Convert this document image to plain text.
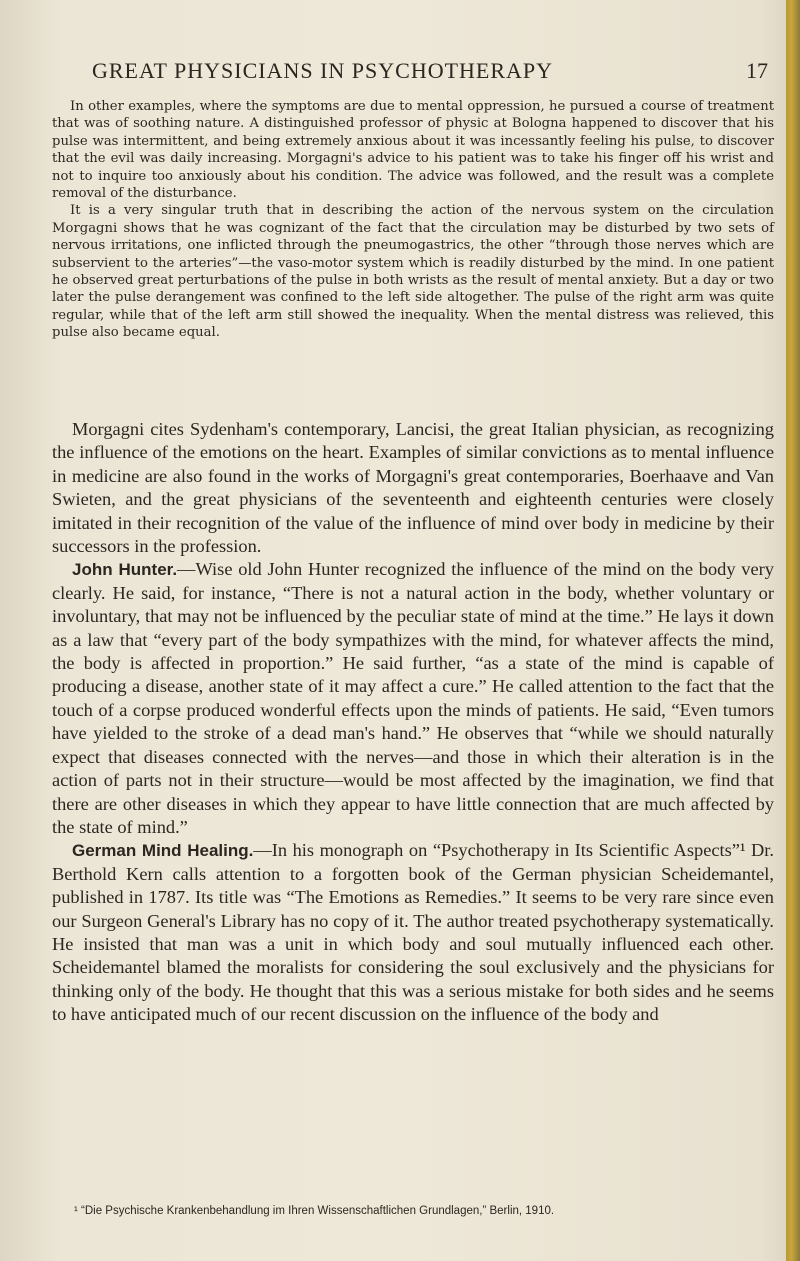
GREAT PHYSICIANS IN PSYCHOTHERAPY	17

In other examples, where the symptoms are due to mental oppression, he pursued a course of treatment that was of soothing nature. A distinguished professor of physic at Bologna happened to discover that his pulse was intermittent, and being extremely anxious about it was incessantly feeling his pulse, to discover that the evil was daily increasing. Morgagni's advice to his patient was to take his finger off his wrist and not to inquire too anxiously about his condition. The advice was followed, and the result was a complete removal of the disturbance.

It is a very singular truth that in describing the action of the nervous system on the circulation Morgagni shows that he was cognizant of the fact that the circulation may be disturbed by two sets of nervous irritations, one inflicted through the pneumogastrics, the other “through those nerves which are subservient to the arteries”—the vaso-motor system which is readily disturbed by the mind. In one patient he observed great perturbations of the pulse in both wrists as the result of mental anxiety. But a day or two later the pulse derangement was confined to the left side altogether. The pulse of the right arm was quite regular, while that of the left arm still showed the inequality. When the mental distress was relieved, this pulse also became equal.

Morgagni cites Sydenham's contemporary, Lancisi, the great Italian physician, as recognizing the influence of the emotions on the heart. Examples of similar convictions as to mental influence in medicine are also found in the works of Morgagni's great contemporaries, Boerhaave and Van Swieten, and the great physicians of the seventeenth and eighteenth centuries were closely imitated in their recognition of the value of the influence of mind over body in medicine by their successors in the profession.

John Hunter.—Wise old John Hunter recognized the influence of the mind on the body very clearly. He said, for instance, “There is not a natural action in the body, whether voluntary or involuntary, that may not be influenced by the peculiar state of mind at the time.” He lays it down as a law that “every part of the body sympathizes with the mind, for whatever affects the mind, the body is affected in proportion.” He said further, “as a state of the mind is capable of producing a disease, another state of it may affect a cure.” He called attention to the fact that the touch of a corpse produced wonderful effects upon the minds of patients. He said, “Even tumors have yielded to the stroke of a dead man's hand.” He observes that “while we should naturally expect that diseases connected with the nerves—and those in which their alteration is in the action of parts not in their structure—would be most affected by the imagination, we find that there are other diseases in which they appear to have little connection that are much affected by the state of mind.”

German Mind Healing.—In his monograph on “Psychotherapy in Its Scientific Aspects”¹ Dr. Berthold Kern calls attention to a forgotten book of the German physician Scheidemantel, published in 1787. Its title was “The Emotions as Remedies.” It seems to be very rare since even our Surgeon General's Library has no copy of it. The author treated psychotherapy systematically. He insisted that man was a unit in which body and soul mutually influenced each other. Scheidemantel blamed the moralists for considering the soul exclusively and the physicians for thinking only of the body. He thought that this was a serious mistake for both sides and he seems to have anticipated much of our recent discussion on the influence of the body and

¹ “Die Psychische Krankenbehandlung im Ihren Wissenschaftlichen Grundlagen,” Berlin, 1910.
